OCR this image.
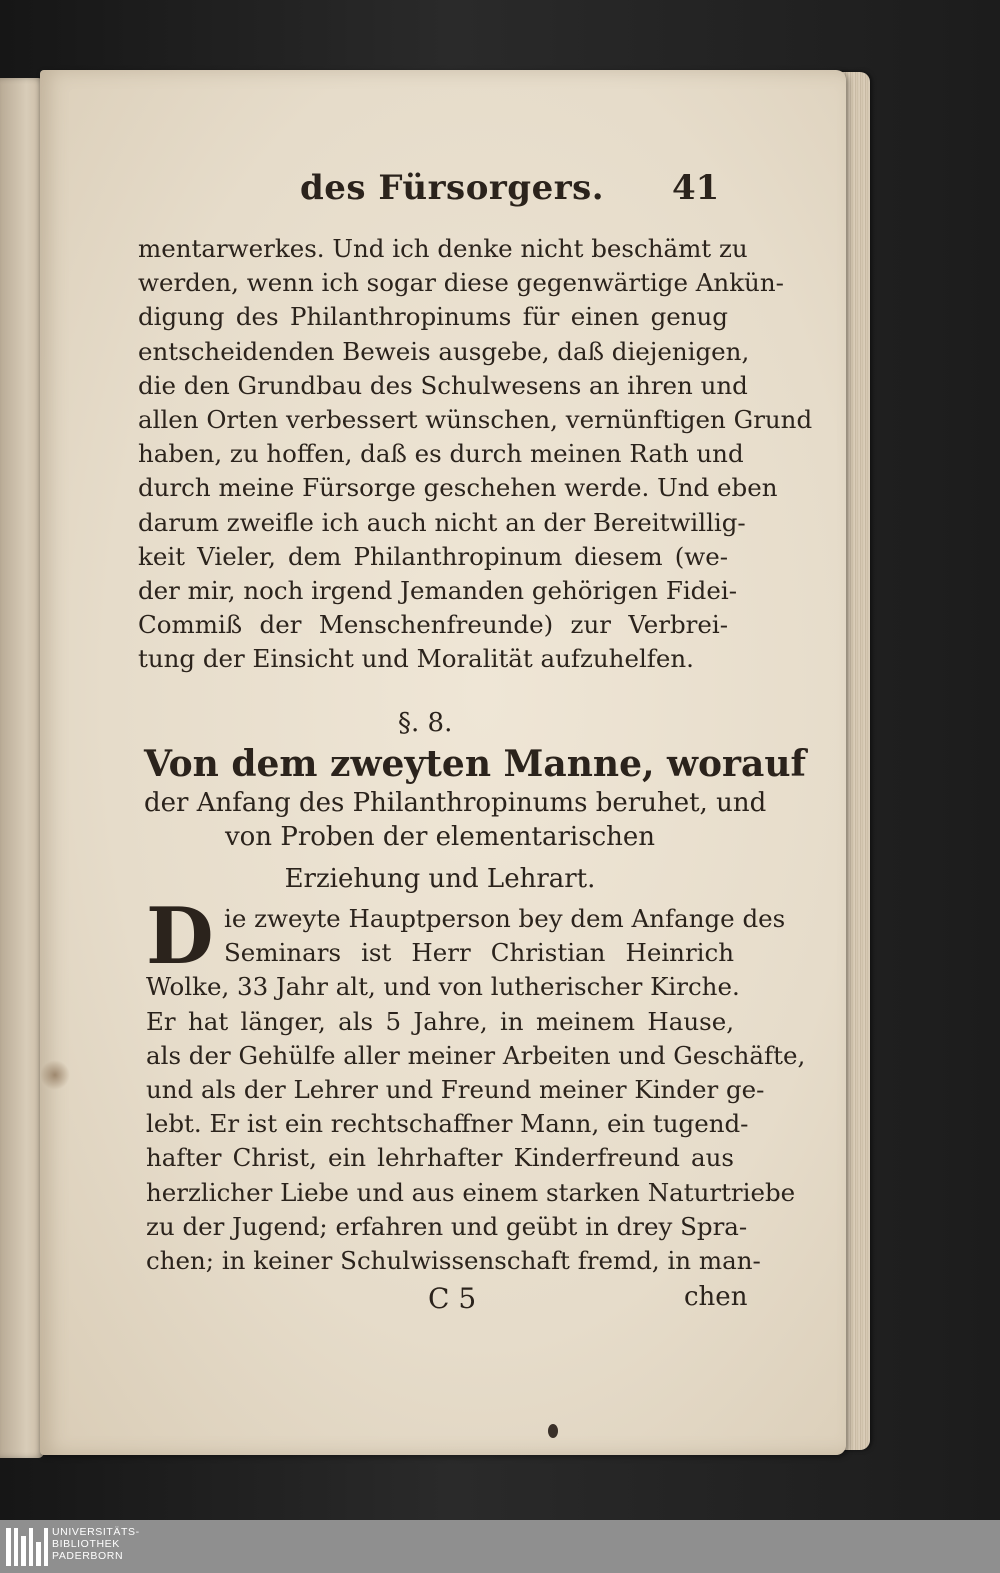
des Fürsorgers. 41
mentarwerkes. Und ich denke nicht beschämt zu
werden, wenn ich sogar diese gegenwärtige Ankün-
digung des Philanthropinums für einen genug
entscheidenden Beweis ausgebe, daß diejenigen,
die den Grundbau des Schulwesens an ihren und
allen Orten verbessert wünschen, vernünftigen Grund
haben, zu hoffen, daß es durch meinen Rath und
durch meine Fürsorge geschehen werde. Und eben
darum zweifle ich auch nicht an der Bereitwillig-
keit Vieler, dem Philanthropinum diesem (we-
der mir, noch irgend Jemanden gehörigen Fidei-
Commiß der Menschenfreunde) zur Verbrei-
tung der Einsicht und Moralität aufzuhelfen.
§. 8.
Von dem zweyten Manne, worauf
der Anfang des Philanthropinums beruhet, und
von Proben der elementarischen
Erziehung und Lehrart.
D ie zweyte Hauptperson bey dem Anfange des
Seminars ist Herr Christian Heinrich
Wolke, 33 Jahr alt, und von lutherischer Kirche.
Er hat länger, als 5 Jahre, in meinem Hause,
als der Gehülfe aller meiner Arbeiten und Geschäfte,
und als der Lehrer und Freund meiner Kinder ge-
lebt. Er ist ein rechtschaffner Mann, ein tugend-
hafter Christ, ein lehrhafter Kinderfreund aus
herzlicher Liebe und aus einem starken Naturtriebe
zu der Jugend; erfahren und geübt in drey Spra-
chen; in keiner Schulwissenschaft fremd, in man-
C 5	chen
UNIVERSITÄTS-
BIBLIOTHEK
PADERBORN
